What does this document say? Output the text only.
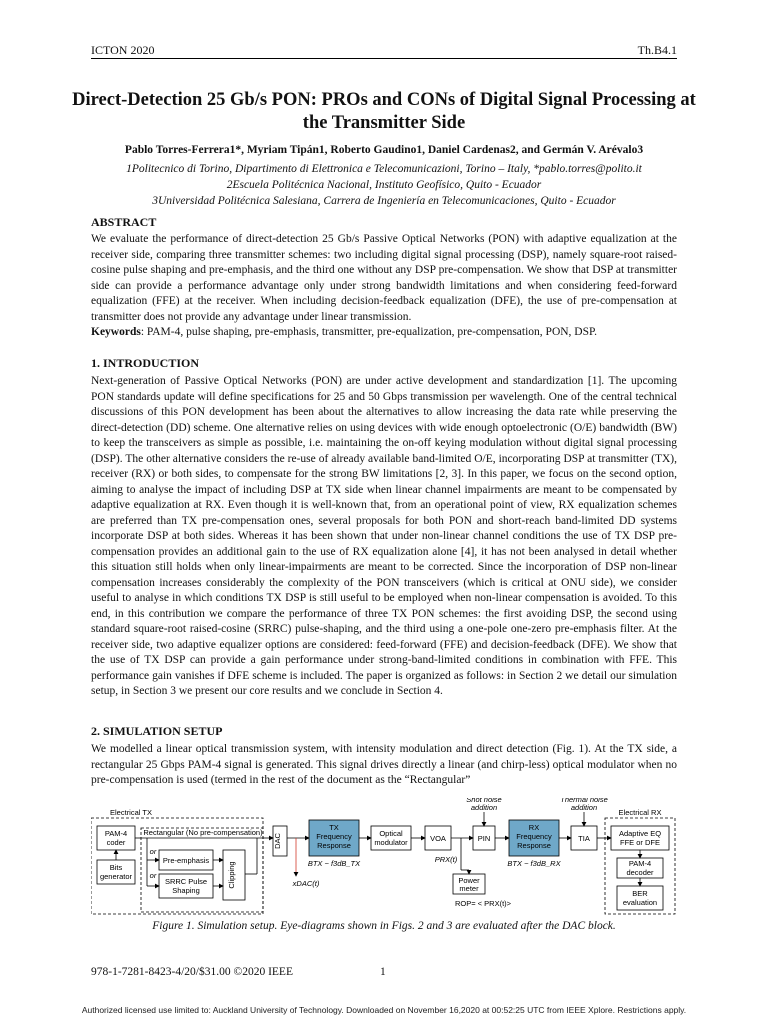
ICTON 2020	Th.B4.1
Direct-Detection 25 Gb/s PON: PROs and CONs of Digital Signal Processing at the Transmitter Side
Pablo Torres-Ferrera1*, Myriam Tipán1, Roberto Gaudino1, Daniel Cardenas2, and Germán V. Arévalo3
1Politecnico di Torino, Dipartimento di Elettronica e Telecomunicazioni, Torino – Italy, *pablo.torres@polito.it
2Escuela Politécnica Nacional, Instituto Geofísico, Quito - Ecuador
3Universidad Politécnica Salesiana, Carrera de Ingeniería en Telecomunicaciones, Quito - Ecuador
ABSTRACT

We evaluate the performance of direct-detection 25 Gb/s Passive Optical Networks (PON) with adaptive equalization at the receiver side, comparing three transmitter schemes: two including digital signal processing (DSP), namely square-root raised-cosine pulse shaping and pre-emphasis, and the third one without any DSP pre-compensation. We show that DSP at transmitter side can provide a performance advantage only under strong bandwidth limitations and when considering feed-forward equalization (FFE) at the receiver. When including decision-feedback equalization (DFE), the use of pre-compensation at transmitter does not provide any advantage under linear transmission.

Keywords: PAM-4, pulse shaping, pre-emphasis, transmitter, pre-equalization, pre-compensation, PON, DSP.
1. INTRODUCTION

Next-generation of Passive Optical Networks (PON) are under active development and standardization [1]. The upcoming PON standards update will define specifications for 25 and 50 Gbps transmission per wavelength. One of the central technical discussions of this PON development has been about the alternatives to allow increasing the data rate while preserving the direct-detection (DD) scheme. One alternative relies on using devices with wide enough optoelectronic (O/E) bandwidth (BW) to keep the transceivers as simple as possible, i.e. maintaining the on-off keying modulation without digital signal processing (DSP). The other alternative considers the re-use of already available band-limited O/E, incorporating DSP at transmitter (TX), receiver (RX) or both sides, to compensate for the strong BW limitations [2, 3]. In this paper, we focus on the second option, aiming to analyse the impact of including DSP at TX side when linear channel impairments are meant to be compensated by adaptive equalization at RX. Even though it is well-known that, from an operational point of view, RX equalization schemes are preferred than TX pre-compensation ones, several proposals for both PON and short-reach band-limited DD systems incorporate DSP at both sides. Whereas it has been shown that under non-linear channel conditions the use of TX DSP pre-compensation provides an additional gain to the use of RX equalization alone [4], it has not been analysed in detail whether this situation still holds when only linear-impairments are meant to be corrected. Since the incorporation of DSP non-linear compensation increases considerably the complexity of the PON transceivers (which is critical at ONU side), we consider useful to analyse in which conditions TX DSP is still useful to be employed when non-linear compensation is avoided. To this end, in this contribution we compare the performance of three TX PON schemes: the first avoiding DSP, the second using standard square-root raised-cosine (SRRC) pulse-shaping, and the third using a one-pole one-zero pre-emphasis filter. At the receiver side, two adaptive equalizer options are considered: feed-forward (FFE) and decision-feedback (DFE). We show that the use of TX DSP can provide a gain performance under strong-band-limited conditions in combination with FFE. This performance gain vanishes if DFE scheme is included. The paper is organized as follows: in Section 2 we detail our simulation setup, in Section 3 we present our core results and we conclude in Section 4.

2. SIMULATION SETUP

We modelled a linear optical transmission system, with intensity modulation and direct detection (Fig. 1). At the TX side, a rectangular 25 Gbps PAM-4 signal is generated. This signal drives directly a linear (and chirp-less) optical modulator when no pre-compensation is used (termed in the rest of the document as the “Rectangular”

Electrical TX	Electrical RX
PAM-4
coder
Bits
generator
Rectangular (No pre-compensation)
or
or
Pre-emphasis
SRRC Pulse
Shaping
Clipping
DAC
TX
Frequency
Response
BTX ~ f3dB_TX
xDAC(t)
Optical
modulator	VOA
Shot noise
addition
PIN
PRX(t)
Power
meter
ROP= < PRX(t)>
RX
Frequency
Response
BTX ~ f3dB_RX
Thermal noise
addition
TIA
Adaptive EQ
FFE or DFE
PAM-4
decoder
BER
evaluation
Figure 1. Simulation setup. Eye-diagrams shown in Figs. 2 and 3 are evaluated after the DAC block.
978-1-7281-8423-4/20/$31.00 ©2020 IEEE	1
Authorized licensed use limited to: Auckland University of Technology. Downloaded on November 16,2020 at 00:52:25 UTC from IEEE Xplore. Restrictions apply.
